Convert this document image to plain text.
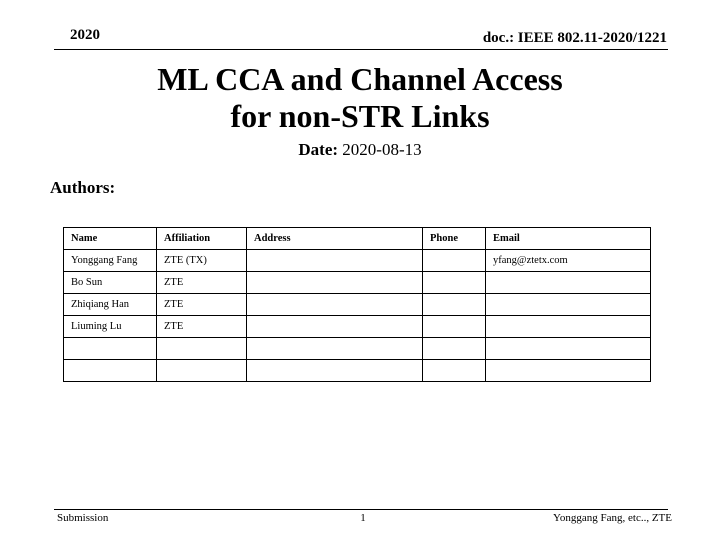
2020	doc.: IEEE 802.11-2020/1221
ML CCA and Channel Access
for non-STR Links
Date: 2020-08-13
Authors:
Name	Affiliation	Address	Phone	Email
Yonggang Fang	ZTE (TX)			yfang@ztetx.com
Bo Sun	ZTE			
Zhiqiang Han	ZTE			
Liuming Lu	ZTE			

Submission	1	Yonggang Fang, etc.., ZTE
